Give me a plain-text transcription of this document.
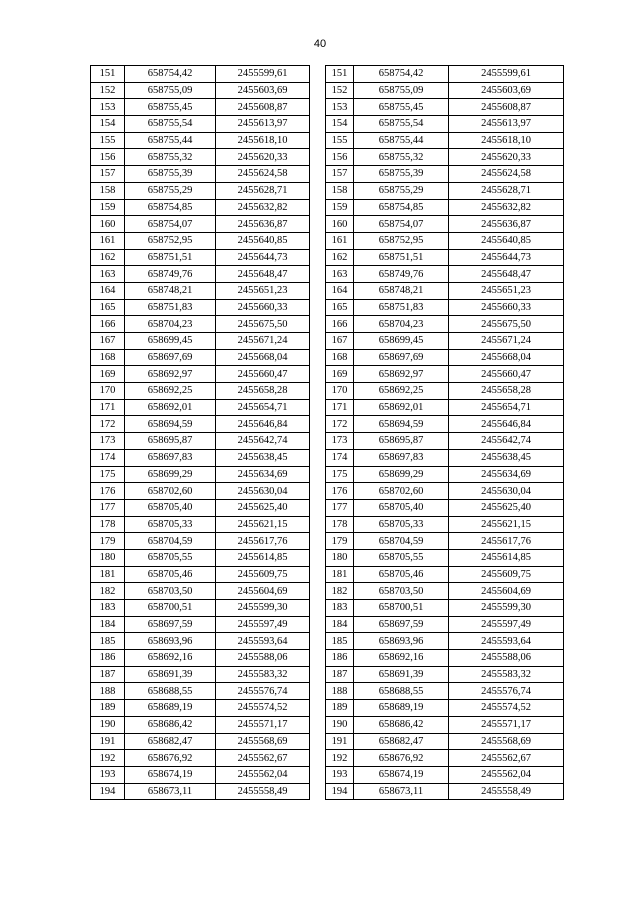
40
151	658754,42	2455599,61		151	658754,42	2455599,61
152	658755,09	2455603,69		152	658755,09	2455603,69
153	658755,45	2455608,87		153	658755,45	2455608,87
154	658755,54	2455613,97		154	658755,54	2455613,97
155	658755,44	2455618,10		155	658755,44	2455618,10
156	658755,32	2455620,33		156	658755,32	2455620,33
157	658755,39	2455624,58		157	658755,39	2455624,58
158	658755,29	2455628,71		158	658755,29	2455628,71
159	658754,85	2455632,82		159	658754,85	2455632,82
160	658754,07	2455636,87		160	658754,07	2455636,87
161	658752,95	2455640,85		161	658752,95	2455640,85
162	658751,51	2455644,73		162	658751,51	2455644,73
163	658749,76	2455648,47		163	658749,76	2455648,47
164	658748,21	2455651,23		164	658748,21	2455651,23
165	658751,83	2455660,33		165	658751,83	2455660,33
166	658704,23	2455675,50		166	658704,23	2455675,50
167	658699,45	2455671,24		167	658699,45	2455671,24
168	658697,69	2455668,04		168	658697,69	2455668,04
169	658692,97	2455660,47		169	658692,97	2455660,47
170	658692,25	2455658,28		170	658692,25	2455658,28
171	658692,01	2455654,71		171	658692,01	2455654,71
172	658694,59	2455646,84		172	658694,59	2455646,84
173	658695,87	2455642,74		173	658695,87	2455642,74
174	658697,83	2455638,45		174	658697,83	2455638,45
175	658699,29	2455634,69		175	658699,29	2455634,69
176	658702,60	2455630,04		176	658702,60	2455630,04
177	658705,40	2455625,40		177	658705,40	2455625,40
178	658705,33	2455621,15		178	658705,33	2455621,15
179	658704,59	2455617,76		179	658704,59	2455617,76
180	658705,55	2455614,85		180	658705,55	2455614,85
181	658705,46	2455609,75		181	658705,46	2455609,75
182	658703,50	2455604,69		182	658703,50	2455604,69
183	658700,51	2455599,30		183	658700,51	2455599,30
184	658697,59	2455597,49		184	658697,59	2455597,49
185	658693,96	2455593,64		185	658693,96	2455593,64
186	658692,16	2455588,06		186	658692,16	2455588,06
187	658691,39	2455583,32		187	658691,39	2455583,32
188	658688,55	2455576,74		188	658688,55	2455576,74
189	658689,19	2455574,52		189	658689,19	2455574,52
190	658686,42	2455571,17		190	658686,42	2455571,17
191	658682,47	2455568,69		191	658682,47	2455568,69
192	658676,92	2455562,67		192	658676,92	2455562,67
193	658674,19	2455562,04		193	658674,19	2455562,04
194	658673,11	2455558,49		194	658673,11	2455558,49
